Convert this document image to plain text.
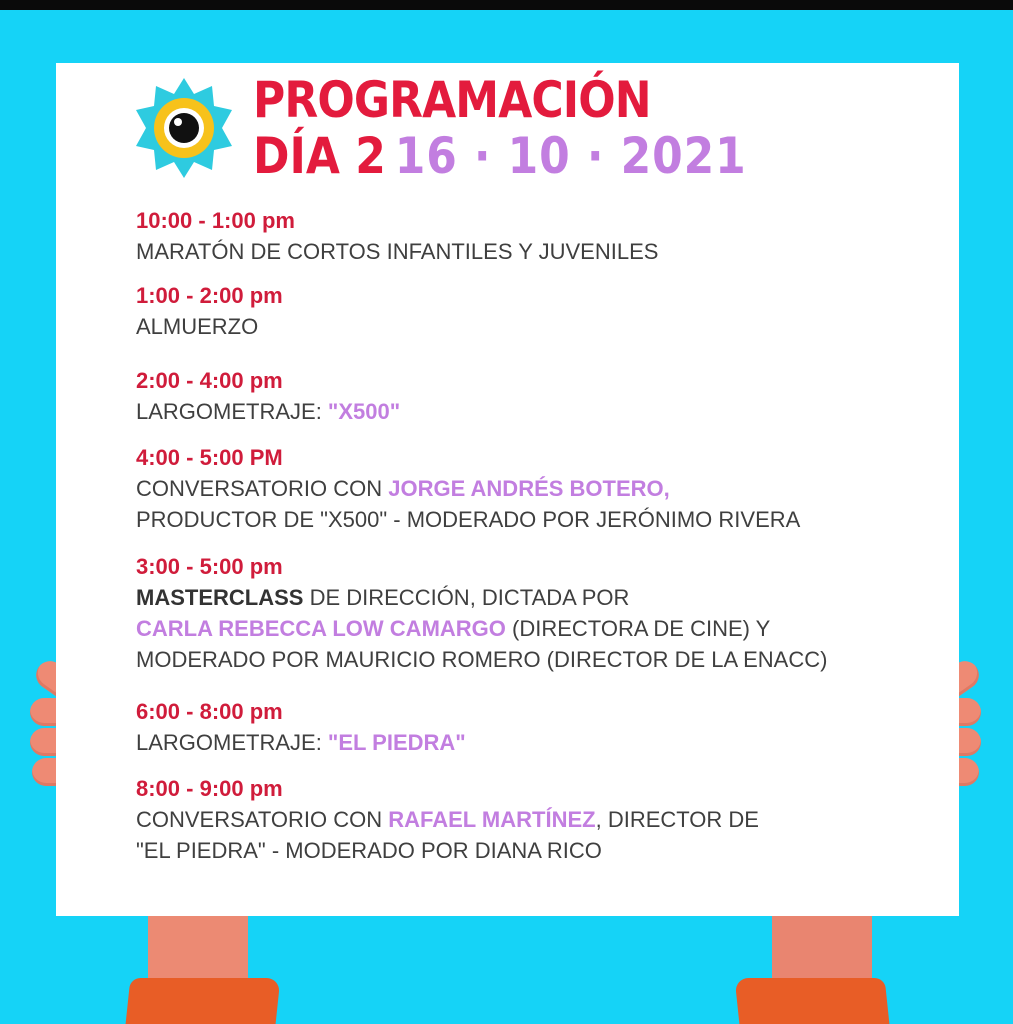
PROGRAMACIÓN
DÍA 2 16 · 10 · 2021
10:00 - 1:00 pm
MARATÓN DE CORTOS INFANTILES Y JUVENILES
1:00 - 2:00 pm
ALMUERZO
2:00 - 4:00 pm
LARGOMETRAJE: "X500"
4:00 - 5:00 PM
CONVERSATORIO CON JORGE ANDRÉS BOTERO,
PRODUCTOR DE "X500" - MODERADO POR JERÓNIMO RIVERA
3:00 - 5:00 pm
MASTERCLASS DE DIRECCIÓN, DICTADA POR
CARLA REBECCA LOW CAMARGO (DIRECTORA DE CINE) Y
MODERADO POR MAURICIO ROMERO (DIRECTOR DE LA ENACC)
6:00 - 8:00 pm
LARGOMETRAJE: "EL PIEDRA"
8:00 - 9:00 pm
CONVERSATORIO CON RAFAEL MARTÍNEZ, DIRECTOR DE
"EL PIEDRA" - MODERADO POR DIANA RICO
